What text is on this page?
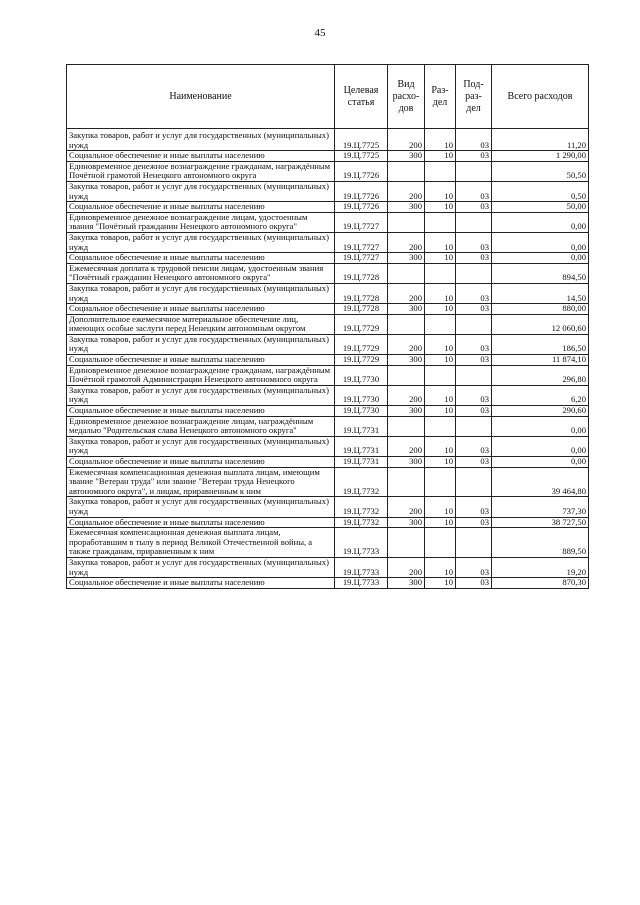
45
Наименование	Целевая статья	Вид расхо-дов	Раз-дел	Под-раз-дел	Всего расходов
Закупка товаров, работ и услуг для государственных (муниципальных) нужд	19.Ц.7725	200	10	03	11,20
Социальное обеспечение и иные выплаты населению	19.Ц.7725	300	10	03	1 290,00
Единовременное денежное вознаграждение гражданам, награждённым Почётной грамотой Ненецкого автономного округа	19.Ц.7726				50,50
Закупка товаров, работ и услуг для государственных (муниципальных) нужд	19.Ц.7726	200	10	03	0,50
Социальное обеспечение и иные выплаты населению	19.Ц.7726	300	10	03	50,00
Единовременное денежное вознаграждение лицам, удостоенным звания "Почётный гражданин Ненецкого автономного округа"	19.Ц.7727				0,00
Закупка товаров, работ и услуг для государственных (муниципальных) нужд	19.Ц.7727	200	10	03	0,00
Социальное обеспечение и иные выплаты населению	19.Ц.7727	300	10	03	0,00
Ежемесячная доплата к трудовой пенсии лицам, удостоенным звания "Почётный гражданин Ненецкого автономного округа"	19.Ц.7728				894,50
Закупка товаров, работ и услуг для государственных (муниципальных) нужд	19.Ц.7728	200	10	03	14,50
Социальное обеспечение и иные выплаты населению	19.Ц.7728	300	10	03	880,00
Дополнительное ежемесячное материальное обеспечение лиц, имеющих особые заслуги перед Ненецким автономным округом	19.Ц.7729				12 060,60
Закупка товаров, работ и услуг для государственных (муниципальных) нужд	19.Ц.7729	200	10	03	186,50
Социальное обеспечение и иные выплаты населению	19.Ц.7729	300	10	03	11 874,10
Единовременное денежное вознаграждение гражданам, награждённым Почётной грамотой Администрации Ненецкого автономного округа	19.Ц.7730				296,80
Закупка товаров, работ и услуг для государственных (муниципальных) нужд	19.Ц.7730	200	10	03	6,20
Социальное обеспечение и иные выплаты населению	19.Ц.7730	300	10	03	290,60
Единовременное денежное вознаграждение лицам, награждённым медалью "Родительская слава Ненецкого автономного округа"	19.Ц.7731				0,00
Закупка товаров, работ и услуг для государственных (муниципальных) нужд	19.Ц.7731	200	10	03	0,00
Социальное обеспечение и иные выплаты населению	19.Ц.7731	300	10	03	0,00
Ежемесячная компенсационная денежная выплата лицам, имеющим звание "Ветеран труда" или звание "Ветеран труда Ненецкого автономного округа", и лицам, приравненным к ним	19.Ц.7732				39 464,80
Закупка товаров, работ и услуг для государственных (муниципальных) нужд	19.Ц.7732	200	10	03	737,30
Социальное обеспечение и иные выплаты населению	19.Ц.7732	300	10	03	38 727,50
Ежемесячная компенсационная денежная выплата лицам, проработавшим в тылу в период Великой Отечественной войны, а также гражданам, приравненным к ним	19.Ц.7733				889,50
Закупка товаров, работ и услуг для государственных (муниципальных) нужд	19.Ц.7733	200	10	03	19,20
Социальное обеспечение и иные выплаты населению	19.Ц.7733	300	10	03	870,30
